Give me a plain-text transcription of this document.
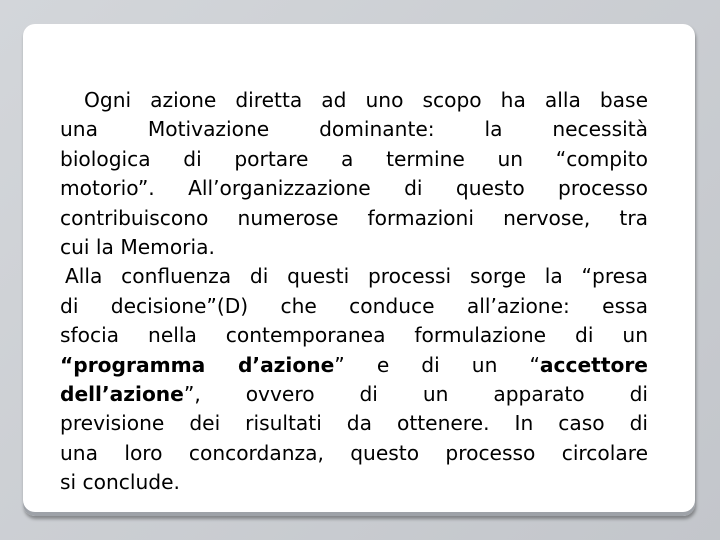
Ogni azione diretta ad uno scopo ha alla base
una Motivazione dominante: la necessità
biologica di portare a termine un “compito
motorio”. All’organizzazione di questo processo
contribuiscono numerose formazioni nervose, tra
cui la Memoria.

Alla confluenza di questi processi sorge la “presa
di decisione”(D) che conduce all’azione: essa
sfocia nella contemporanea formulazione di un
“programma d’azione” e di un “accettore
dell’azione”, ovvero di un apparato di
previsione dei risultati da ottenere. In caso di
una loro concordanza, questo processo circolare
si conclude.
